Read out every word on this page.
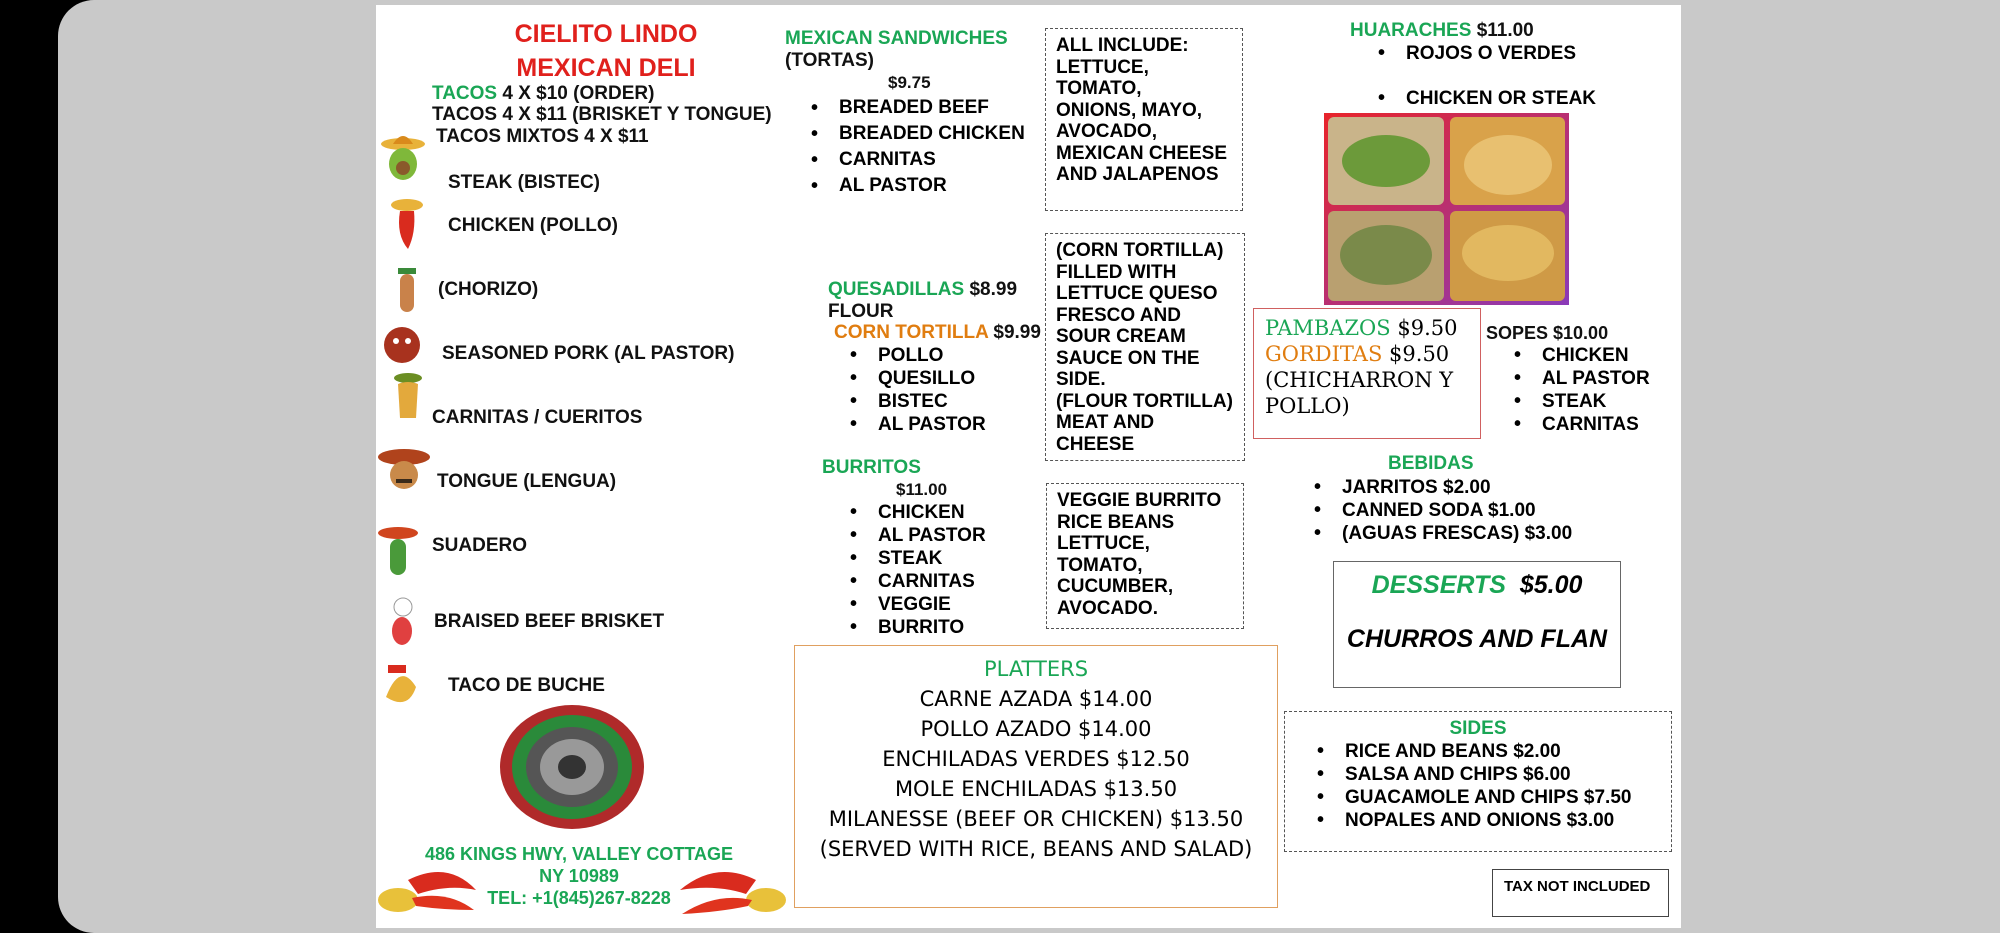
CIELITO LINDO
MEXICAN DELI
TACOS 4 X $10 (ORDER)
TACOS 4 X $11 (BRISKET Y TONGUE)
TACOS MIXTOS 4 X $11
STEAK (BISTEC)
CHICKEN (POLLO)
(CHORIZO)
SEASONED PORK (AL PASTOR)
CARNITAS / CUERITOS
TONGUE (LENGUA)
SUADERO
BRAISED BEEF BRISKET
TACO DE BUCHE
486 KINGS HWY, VALLEY COTTAGE
NY 10989
TEL: +1(845)267-8228
MEXICAN SANDWICHES
(TORTAS)
$9.75
• BREADED BEEF
• BREADED CHICKEN
• CARNITAS
• AL PASTOR
ALL INCLUDE:
LETTUCE,
TOMATO,
ONIONS, MAYO,
AVOCADO,
MEXICAN CHEESE
AND JALAPENOS
QUESADILLAS $8.99
FLOUR
CORN TORTILLA $9.99
• POLLO
• QUESILLO
• BISTEC
• AL PASTOR
(CORN TORTILLA)
FILLED WITH
LETTUCE QUESO
FRESCO AND
SOUR CREAM
SAUCE ON THE
SIDE.
(FLOUR TORTILLA)
MEAT AND
CHEESE
BURRITOS
$11.00
• CHICKEN
• AL PASTOR
• STEAK
• CARNITAS
• VEGGIE
• BURRITO
VEGGIE BURRITO
RICE BEANS
LETTUCE,
TOMATO,
CUCUMBER,
AVOCADO.
PLATTERS
CARNE AZADA $14.00
POLLO AZADO $14.00
ENCHILADAS VERDES $12.50
MOLE ENCHILADAS $13.50
MILANESSE (BEEF OR CHICKEN) $13.50
(SERVED WITH RICE, BEANS AND SALAD)
HUARACHES $11.00
• ROJOS O VERDES
• CHICKEN OR STEAK
PAMBAZOS $9.50
GORDITAS $9.50
(CHICHARRON Y
POLLO)
SOPES $10.00
• CHICKEN
• AL PASTOR
• STEAK
• CARNITAS
BEBIDAS
• JARRITOS $2.00
• CANNED SODA $1.00
• (AGUAS FRESCAS) $3.00
DESSERTS $5.00
CHURROS AND FLAN
SIDES
• RICE AND BEANS $2.00
• SALSA AND CHIPS $6.00
• GUACAMOLE AND CHIPS $7.50
• NOPALES AND ONIONS $3.00
TAX NOT INCLUDED
